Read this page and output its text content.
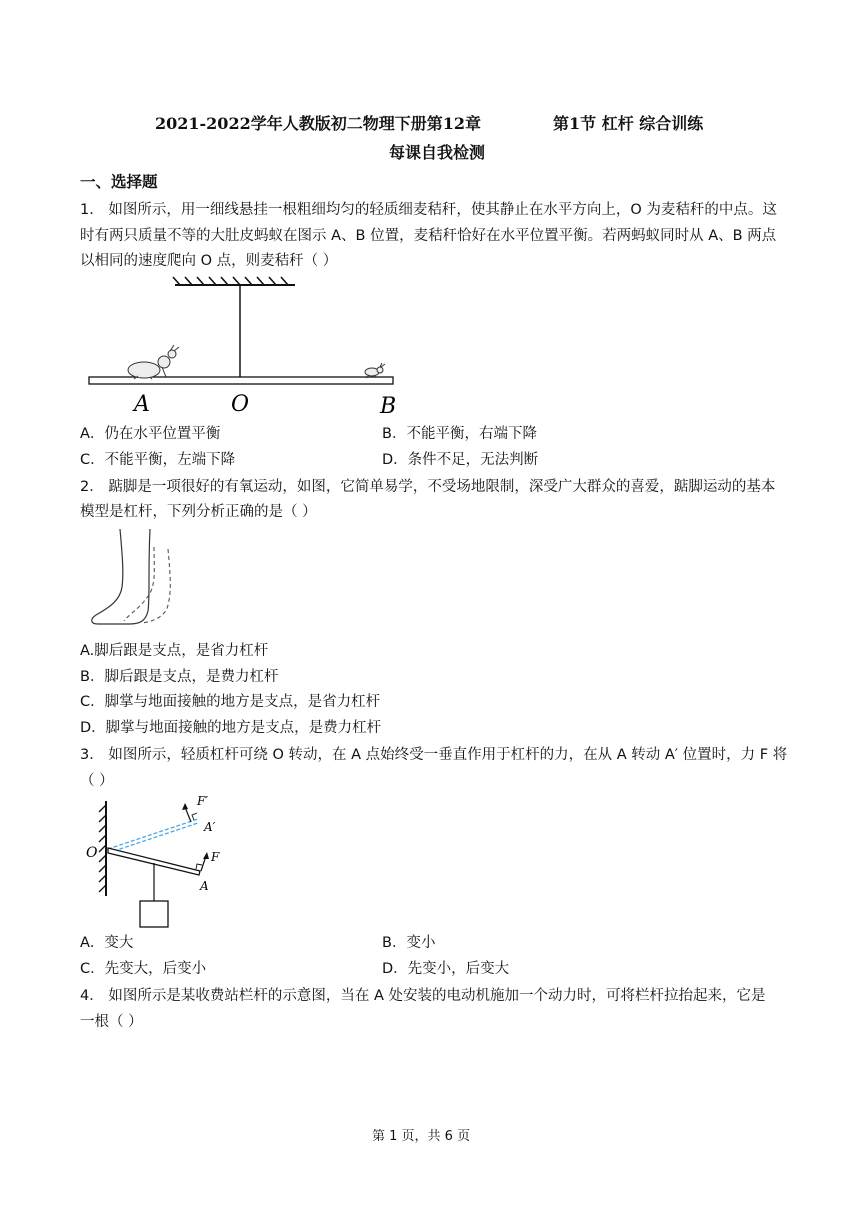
2021-2022学年人教版初二物理下册第12章	第1节 杠杆 综合训练
每课自我检测
一、选择题
1． 如图所示，用一细线悬挂一根粗细均匀的轻质细麦秸秆，使其静止在水平方向上，O 为麦秸秆的中点。这
时有两只质量不等的大肚皮蚂蚁在图示 A、B 位置，麦秸秆恰好在水平位置平衡。若两蚂蚁同时从 A、B 两点
以相同的速度爬向 O 点，则麦秸秆（ ）
A	O	B
A．仍在水平位置平衡	B．不能平衡，右端下降
C．不能平衡，左端下降	D．条件不足，无法判断
2． 踮脚是一项很好的有氧运动，如图，它简单易学，不受场地限制，深受广大群众的喜爱，踮脚运动的基本
模型是杠杆，下列分析正确的是（ ）
A.脚后跟是支点，是省力杠杆
B．脚后跟是支点，是费力杠杆
C．脚掌与地面接触的地方是支点，是省力杠杆
D．脚掌与地面接触的地方是支点，是费力杠杆
3． 如图所示，轻质杠杆可绕 O 转动，在 A 点始终受一垂直作用于杠杆的力，在从 A 转动 A′ 位置时，力 F 将
（ ）
F′
A′
O	F
A
A．变大	B．变小
C．先变大，后变小	D．先变小，后变大
4． 如图所示是某收费站栏杆的示意图，当在 A 处安装的电动机施加一个动力时，可将栏杆拉抬起来，它是
一根（ ）
第 1 页，共 6 页
